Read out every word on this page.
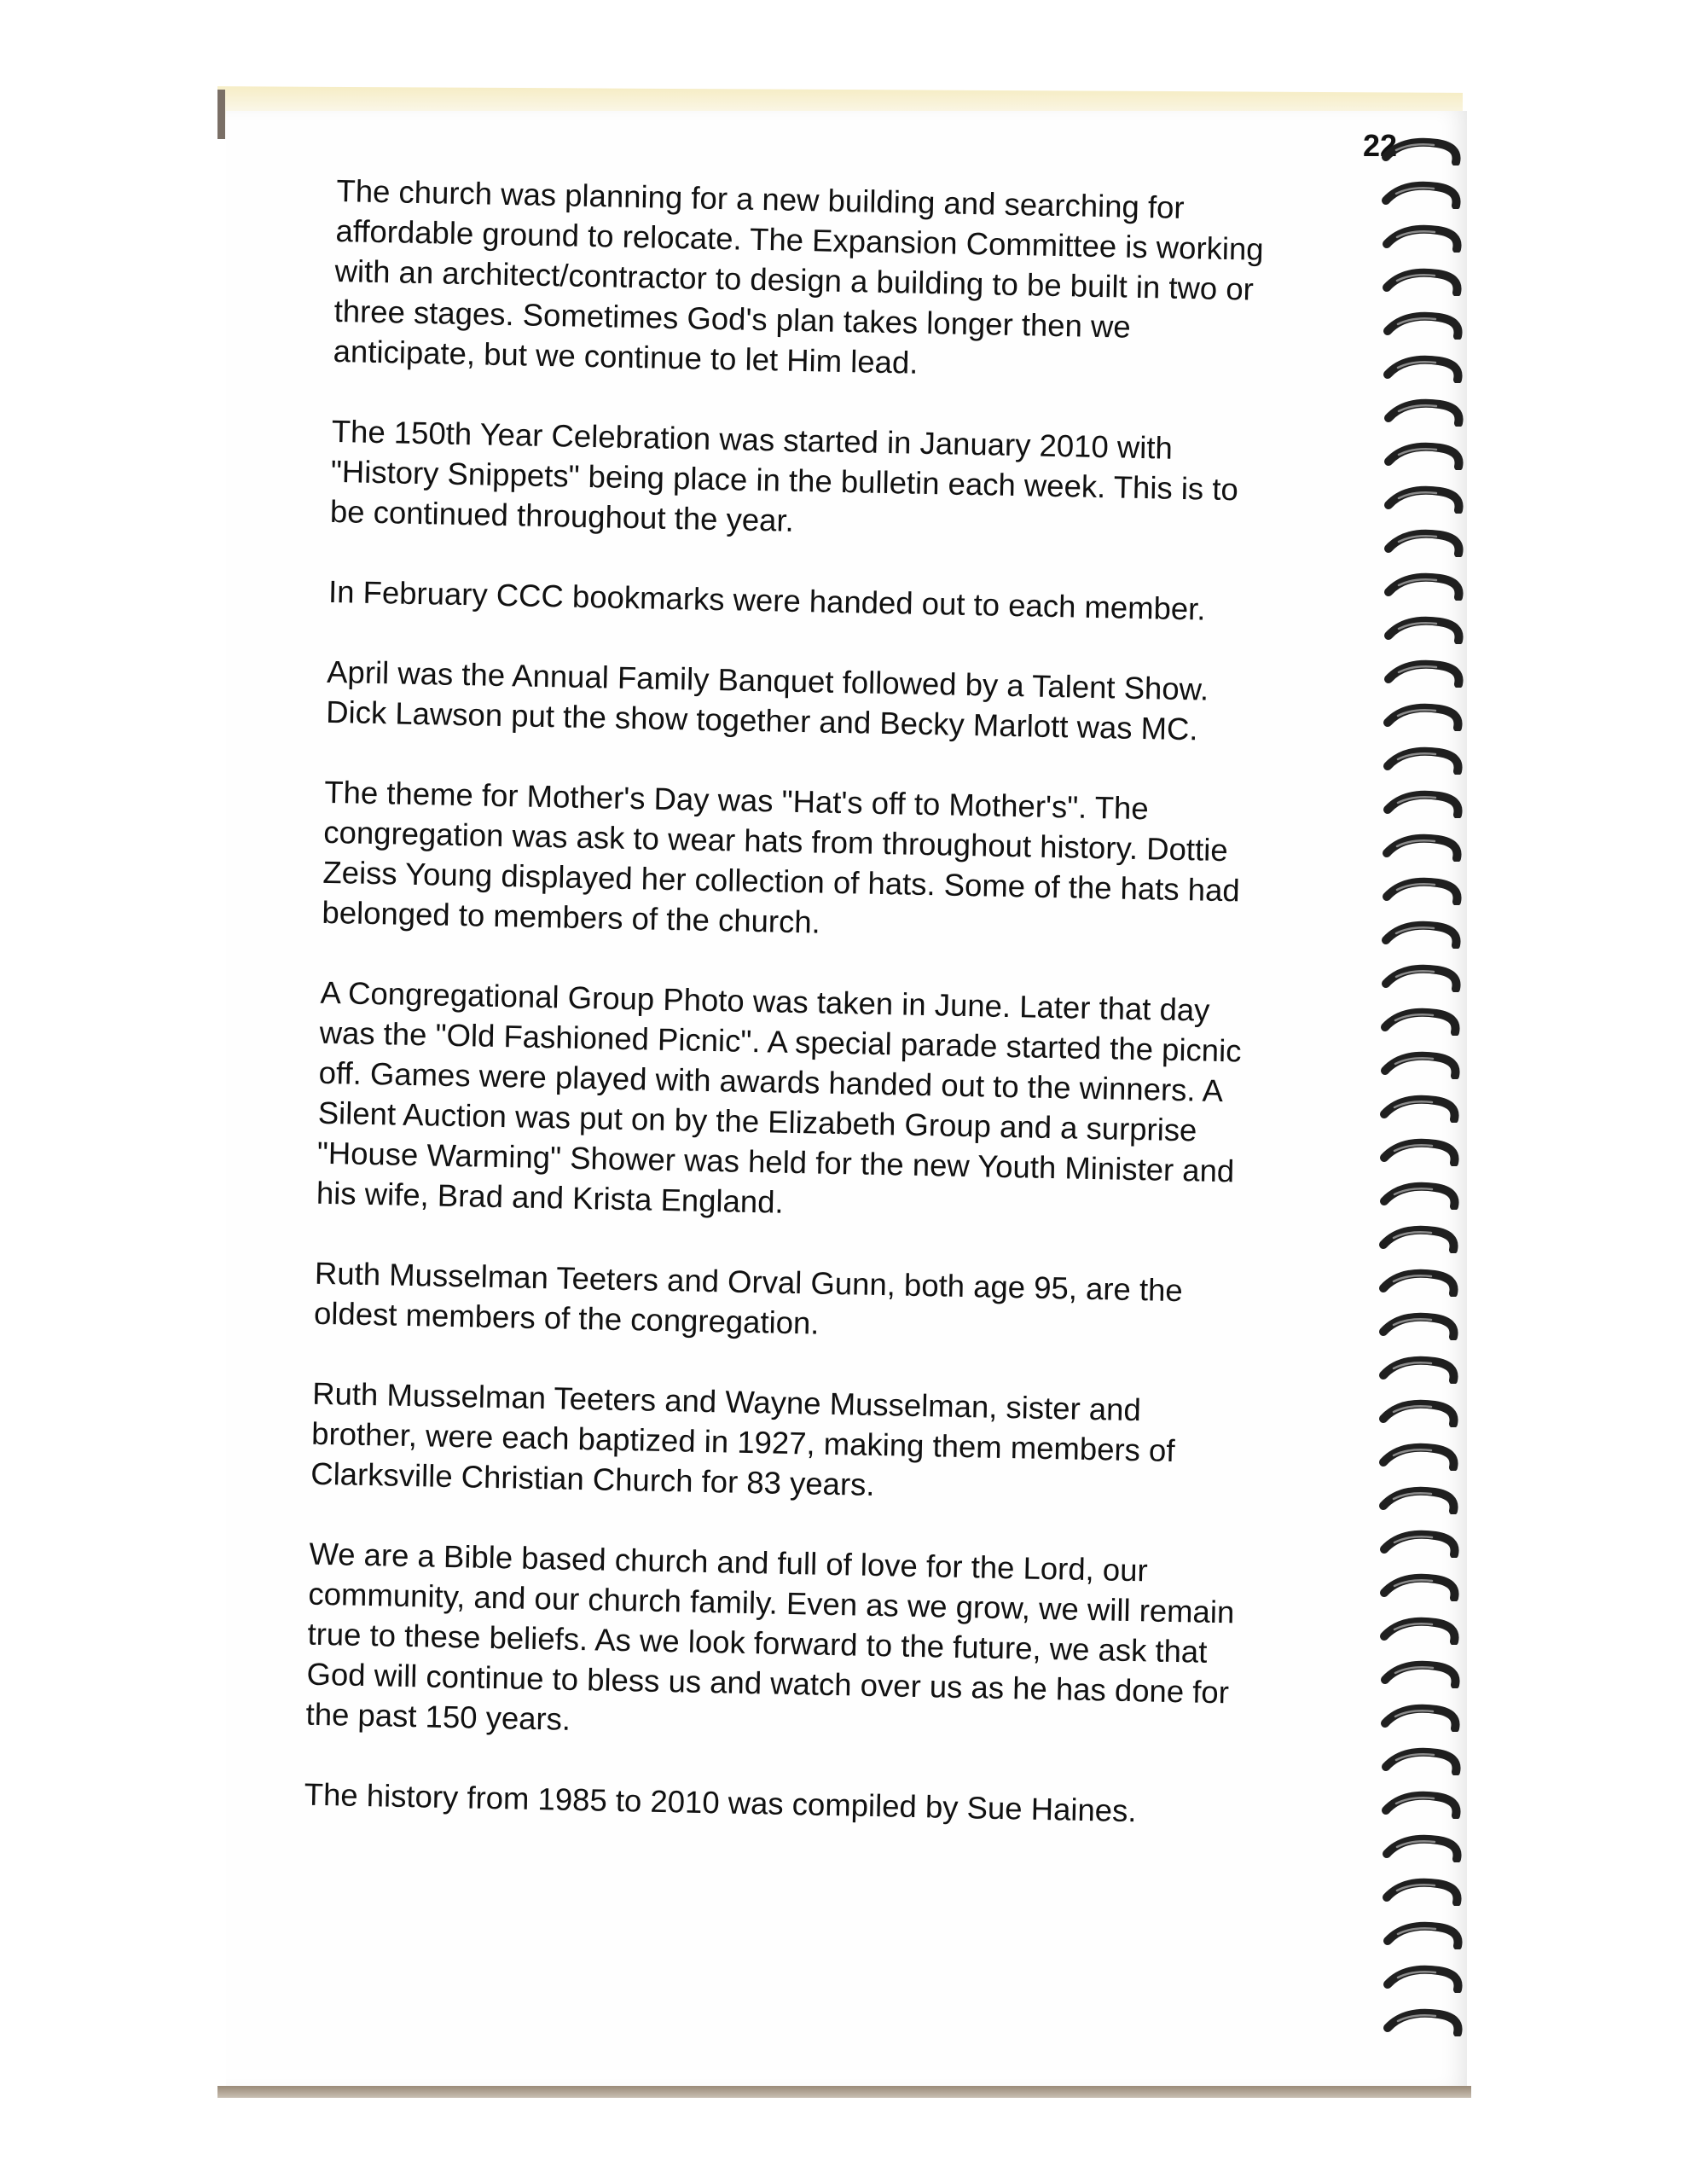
22

The church was planning for a new building and searching for
affordable ground to relocate. The Expansion Committee is working
with an architect/contractor to design a building to be built in two or
three stages. Sometimes God's plan takes longer then we
anticipate, but we continue to let Him lead.

The 150th Year Celebration was started in January 2010 with
"History Snippets" being place in the bulletin each week. This is to
be continued throughout the year.

In February CCC bookmarks were handed out to each member.

April was the Annual Family Banquet followed by a Talent Show.
Dick Lawson put the show together and Becky Marlott was MC.

The theme for Mother's Day was "Hat's off to Mother's". The
congregation was ask to wear hats from throughout history. Dottie
Zeiss Young displayed her collection of hats. Some of the hats had
belonged to members of the church.

A Congregational Group Photo was taken in June. Later that day
was the "Old Fashioned Picnic". A special parade started the picnic
off. Games were played with awards handed out to the winners. A
Silent Auction was put on by the Elizabeth Group and a surprise
"House Warming" Shower was held for the new Youth Minister and
his wife, Brad and Krista England.

Ruth Musselman Teeters and Orval Gunn, both age 95, are the
oldest members of the congregation.

Ruth Musselman Teeters and Wayne Musselman, sister and
brother, were each baptized in 1927, making them members of
Clarksville Christian Church for 83 years.

We are a Bible based church and full of love for the Lord, our
community, and our church family. Even as we grow, we will remain
true to these beliefs. As we look forward to the future, we ask that
God will continue to bless us and watch over us as he has done for
the past 150 years.

The history from 1985 to 2010 was compiled by Sue Haines.
